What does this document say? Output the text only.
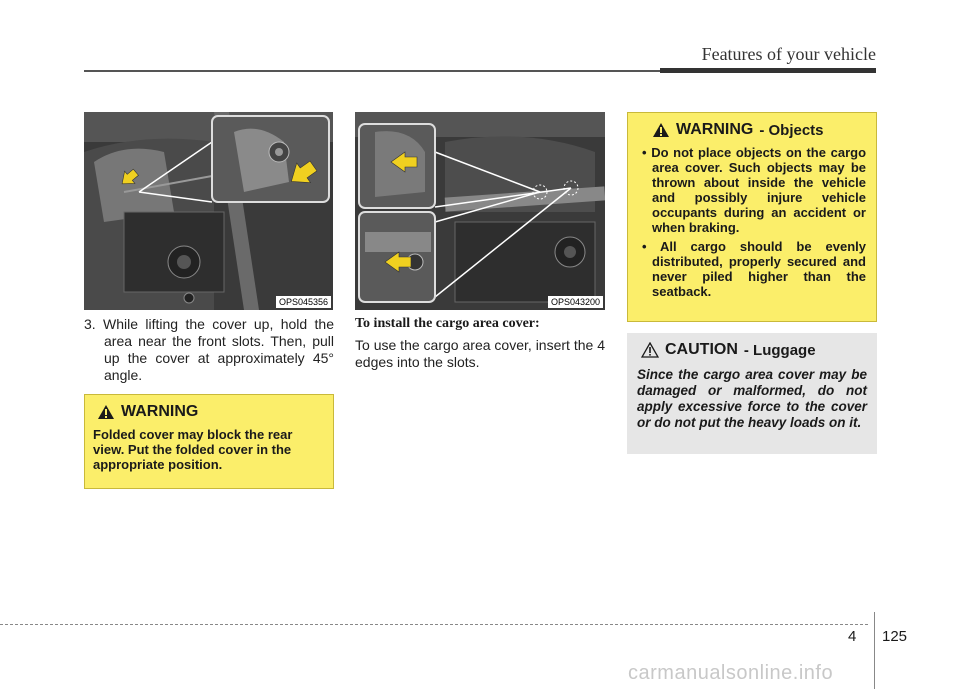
Features of your vehicle
OPS045356	OPS043200
3. While lifting the cover up, hold the area near the front slots. Then, pull up the cover at approximately 45° angle.
WARNING
Folded cover may block the rear view. Put the folded cover in the appropriate position.
To install the cargo area cover:
To use the cargo area cover, insert the 4 edges into the slots.
WARNING - Objects

• Do not place objects on the cargo area cover. Such objects may be thrown about inside the vehicle and possibly injure vehicle occupants during an accident or when braking.

• All cargo should be evenly distributed, properly secured and never piled higher than the seatback.

CAUTION - Luggage
Since the cargo area cover may be damaged or malformed, do not apply excessive force to the cover or do not put the heavy loads on it.
4 125
carmanualsonline.info
